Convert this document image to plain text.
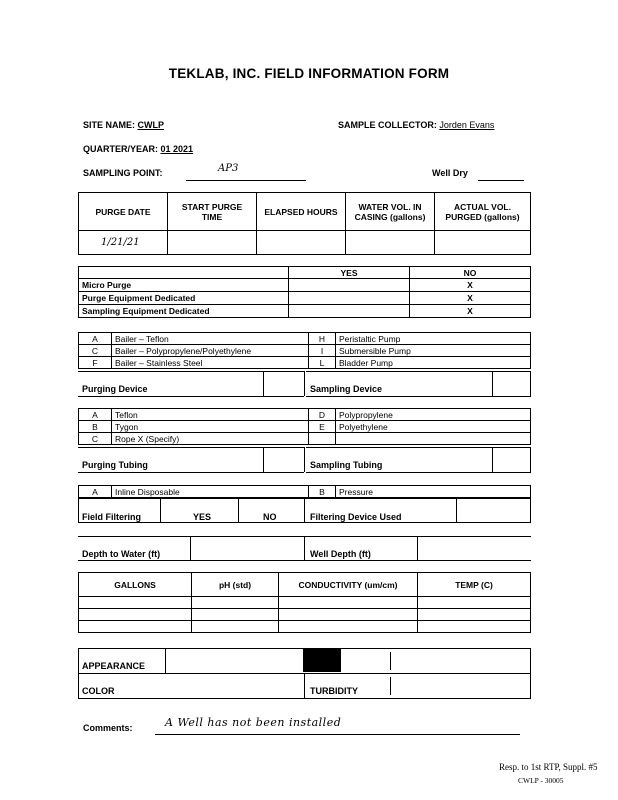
TEKLAB, INC. FIELD INFORMATION FORM
SITE NAME: CWLP	SAMPLE COLLECTOR: Jorden Evans
QUARTER/YEAR: 01 2021
SAMPLING POINT:	AP3	Well Dry
PURGE DATE	START PURGE TIME	ELAPSED HOURS	WATER VOL. IN CASING (gallons)	ACTUAL VOL. PURGED (gallons)
1/21/21				
	YES	NO
Micro Purge		X
Purge Equipment Dedicated		X
Sampling Equipment Dedicated		X
A	Bailer – Teflon	H	Peristaltic Pump
C	Bailer – Polypropylene/Polyethylene	I	Submersible Pump
F	Bailer – Stainless Steel	L	Bladder Pump
Purging Device	Sampling Device
A	Teflon	D	Polypropylene
B	Tygon	E	Polyethylene
C	Rope X (Specify)		
Purging Tubing	Sampling Tubing
A	Inline Disposable	B	Pressure
Field Filtering	YES	NO	Filtering Device Used
Depth to Water (ft)	Well Depth (ft)
GALLONS	pH (std)	CONDUCTIVITY (um/cm)	TEMP (C)

APPEARANCE
COLOR	TURBIDITY
Comments:	A Well has not been installed
Resp. to 1st RTP, Suppl. #5
CWLP - 30005
